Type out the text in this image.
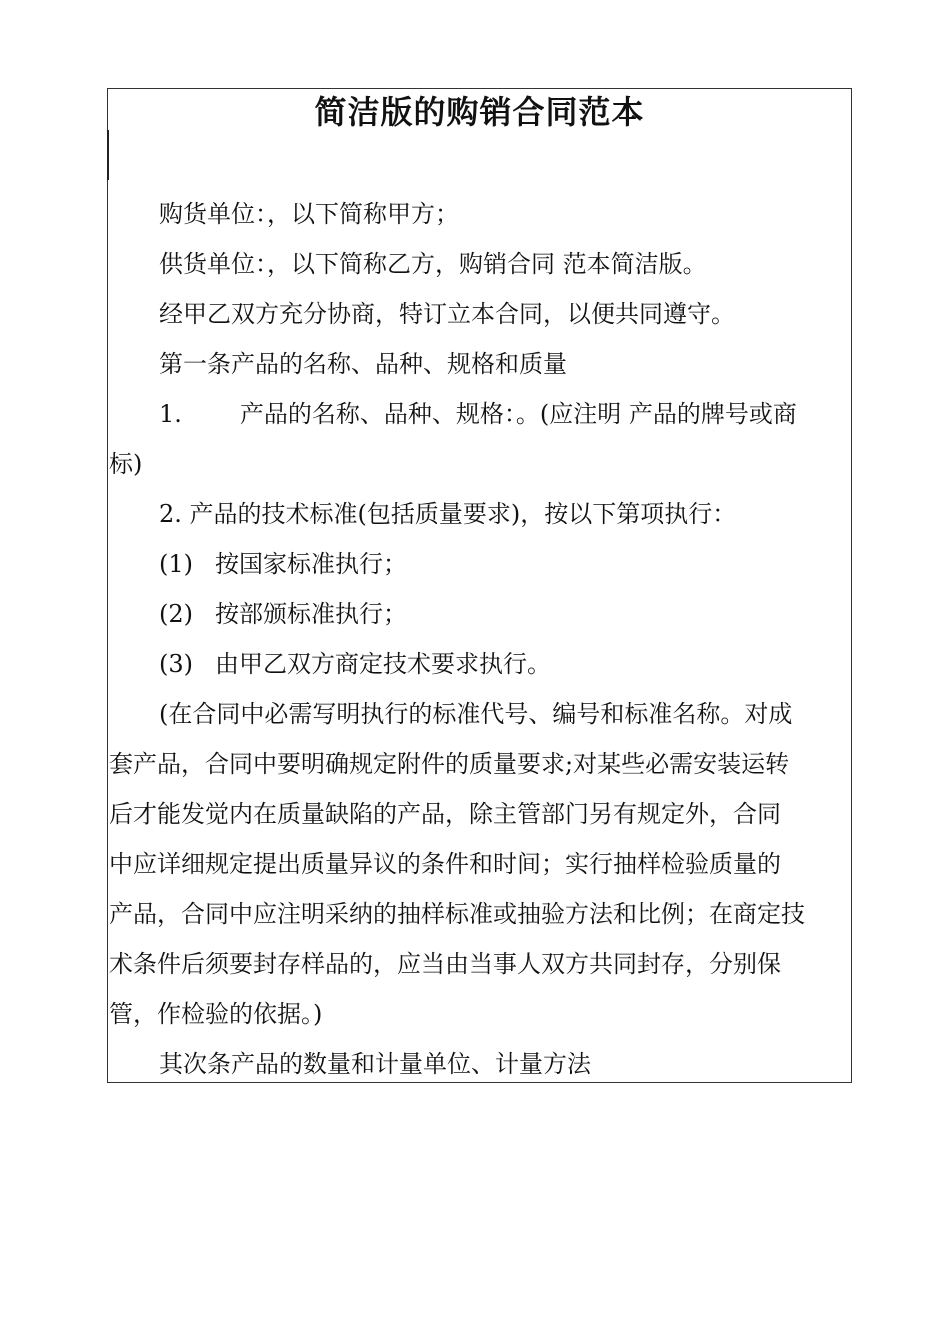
简洁版的购销合同范本
购货单位：，以下简称甲方；
供货单位：，以下简称乙方，购销合同 范本简洁版。
经甲乙双方充分协商，特订立本合同，以便共同遵守。
第一条产品的名称、品种、规格和质量
1. 产品的名称、品种、规格：。(应注明 产品的牌号或商
标)
2. 产品的技术标准(包括质量要求)，按以下第项执行：
(1) 按国家标准执行；
(2) 按部颁标准执行；
(3) 由甲乙双方商定技术要求执行。
(在合同中必需写明执行的标准代号、编号和标准名称。对成
套产品，合同中要明确规定附件的质量要求;对某些必需安装运转
后才能发觉内在质量缺陷的产品，除主管部门另有规定外，合同
中应详细规定提出质量异议的条件和时间；实行抽样检验质量的
产品，合同中应注明采纳的抽样标准或抽验方法和比例；在商定技
术条件后须要封存样品的，应当由当事人双方共同封存，分别保
管，作检验的依据。)
其次条产品的数量和计量单位、计量方法
